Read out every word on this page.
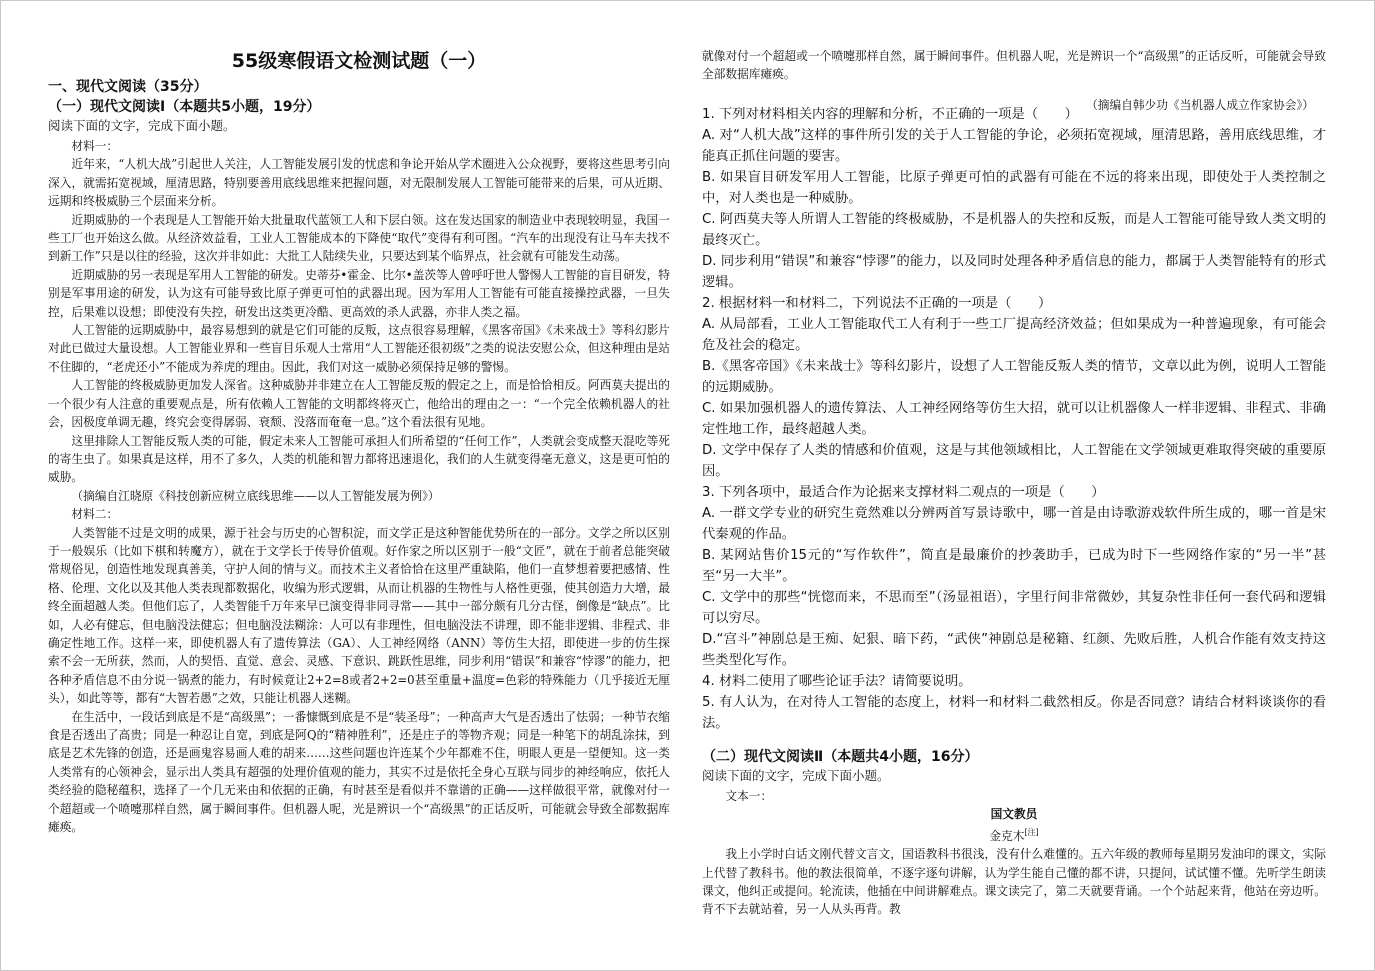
55级寒假语文检测试题（一）
一、现代文阅读（35分）
（一）现代文阅读Ⅰ（本题共5小题，19分）
阅读下面的文字，完成下面小题。

材料一：

近年来，“人机大战”引起世人关注，人工智能发展引发的忧虑和争论开始从学术圈进入公众视野，要将这些思考引向深入，就需拓宽视域，厘清思路，特别要善用底线思维来把握问题，对无限制发展人工智能可能带来的后果，可从近期、远期和终极威胁三个层面来分析。

近期威胁的一个表现是人工智能开始大批量取代蓝领工人和下层白领。这在发达国家的制造业中表现较明显，我国一些工厂也开始这么做。从经济效益看，工业人工智能成本的下降使“取代”变得有利可图。“汽车的出现没有让马车夫找不到新工作”只是以往的经验，这次并非如此：大批工人陆续失业，只要达到某个临界点，社会就有可能发生动荡。

近期威胁的另一表现是军用人工智能的研发。史蒂芬•霍金、比尔•盖茨等人曾呼吁世人警惕人工智能的盲目研发，特别是军事用途的研发，认为这有可能导致比原子弹更可怕的武器出现。因为军用人工智能有可能直接操控武器，一旦失控，后果难以设想；即使没有失控，研发出这类更冷酷、更高效的杀人武器，亦非人类之福。

人工智能的远期威胁中，最容易想到的就是它们可能的反叛，这点很容易理解，《黑客帝国》《未来战士》等科幻影片对此已做过大量设想。人工智能业界和一些盲目乐观人士常用“人工智能还很初级”之类的说法安慰公众，但这种理由是站不住脚的，“老虎还小”不能成为养虎的理由。因此，我们对这一威胁必须保持足够的警惕。

人工智能的终极威胁更加发人深省。这种威胁并非建立在人工智能反叛的假定之上，而是恰恰相反。阿西莫夫提出的一个很少有人注意的重要观点是，所有依赖人工智能的文明都终将灭亡，他给出的理由之一：“一个完全依赖机器人的社会，因极度单调无趣，终究会变得孱弱、衰颓、没落而奄奄一息。”这个看法很有见地。

这里排除人工智能反叛人类的可能，假定未来人工智能可承担人们所希望的“任何工作”，人类就会变成整天混吃等死的寄生虫了。如果真是这样，用不了多久，人类的机能和智力都将迅速退化，我们的人生就变得毫无意义，这是更可怕的威胁。

（摘编自江晓原《科技创新应树立底线思维——以人工智能发展为例》）

材料二：

人类智能不过是文明的成果，源于社会与历史的心智积淀，而文学正是这种智能优势所在的一部分。文学之所以区别于一般娱乐（比如下棋和转魔方），就在于文学长于传导价值观。好作家之所以区别于一般“文匠”，就在于前者总能突破常规俗见，创造性地发现真善美，守护人间的情与义。而技术主义者恰恰在这里严重缺陷，他们一直梦想着要把感情、性格、伦理、文化以及其他人类表现都数据化，收编为形式逻辑，从而让机器的生物性与人格性更强，使其创造力大增，最终全面超越人类。但他们忘了，人类智能千万年来早已演变得非同寻常——其中一部分颇有几分古怪，倒像是“缺点”。比如，人必有健忘，但电脑没法健忘；但电脑没法糊涂：人可以有非理性，但电脑没法不讲理，即不能非逻辑、非程式、非确定性地工作。这样一来，即使机器人有了遗传算法（GA）、人工神经网络（ANN）等仿生大招，即使进一步的仿生探索不会一无所获，然而，人的契悟、直觉、意会、灵感、下意识、跳跃性思维，同步利用“错误”和兼容“悖谬”的能力，把各种矛盾信息不由分说一锅煮的能力，有时候竟让2+2=8或者2+2=0甚至重量+温度=色彩的特殊能力（几乎接近无厘头），如此等等，都有“大智若愚”之效，只能让机器人迷糊。

在生活中，一段话到底是不是“高级黑”；一番慷慨到底是不是“装圣母”；一种高声大气是否透出了怯弱；一种节衣缩食是否透出了高贵；同是一种忍让自宽，到底是阿Q的“精神胜利”，还是庄子的等物齐观；同是一种笔下的胡乱涂抹，到底是艺术先锋的创造，还是画鬼容易画人难的胡来……这些问题也许连某个少年都难不住，明眼人更是一望便知。这一类人类常有的心领神会，显示出人类具有超强的处理价值观的能力，其实不过是依托全身心互联与同步的神经响应，依托人类经验的隐秘蕴积，选择了一个几无来由和依据的正确，有时甚至是看似并不靠谱的正确——这样做很平常，就像对付一个超超或一个喷嚏那样自然，属于瞬间事件。但机器人呢，光是辨识一个“高级黑”的正话反听，可能就会导致全部数据库瘫痪。

就像对付一个超超或一个喷嚏那样自然，属于瞬间事件。但机器人呢，光是辨识一个“高级黑”的正话反听，可能就会导致全部数据库瘫痪。

（摘编自韩少功《当机器人成立作家协会》）

1. 下列对材料相关内容的理解和分析，不正确的一项是（　　）

A. 对“人机大战”这样的事件所引发的关于人工智能的争论，必须拓宽视域，厘清思路，善用底线思维，才能真正抓住问题的要害。

B. 如果盲目研发军用人工智能，比原子弹更可怕的武器有可能在不远的将来出现，即使处于人类控制之中，对人类也是一种威胁。

C. 阿西莫夫等人所谓人工智能的终极威胁，不是机器人的失控和反叛，而是人工智能可能导致人类文明的最终灭亡。

D. 同步利用“错误”和兼容“悖谬”的能力，以及同时处理各种矛盾信息的能力，都属于人类智能特有的形式逻辑。

2. 根据材料一和材料二，下列说法不正确的一项是（　　）

A. 从局部看，工业人工智能取代工人有利于一些工厂提高经济效益；但如果成为一种普遍现象，有可能会危及社会的稳定。

B.《黑客帝国》《未来战士》等科幻影片，设想了人工智能反叛人类的情节，文章以此为例，说明人工智能的远期威胁。

C. 如果加强机器人的遗传算法、人工神经网络等仿生大招，就可以让机器像人一样非逻辑、非程式、非确定性地工作，最终超越人类。

D. 文学中保存了人类的情感和价值观，这是与其他领域相比，人工智能在文学领域更难取得突破的重要原因。

3. 下列各项中，最适合作为论据来支撑材料二观点的一项是（　　）

A. 一群文学专业的研究生竟然难以分辨两首写景诗歌中，哪一首是由诗歌游戏软件所生成的，哪一首是宋代秦观的作品。

B. 某网站售价15元的“写作软件”，简直是最廉价的抄袭助手，已成为时下一些网络作家的“另一半”甚至“另一大半”。

C. 文学中的那些“恍惚而来，不思而至”（汤显祖语），字里行间非常微妙，其复杂性非任何一套代码和逻辑可以穷尽。

D.“宫斗”神剧总是王痴、妃狠、暗下药，“武侠”神剧总是秘籍、红颜、先败后胜，人机合作能有效支持这些类型化写作。

4. 材料二使用了哪些论证手法？请简要说明。

5. 有人认为，在对待人工智能的态度上，材料一和材料二截然相反。你是否同意？请结合材料谈谈你的看法。

（二）现代文阅读Ⅱ（本题共4小题，16分）
阅读下面的文字，完成下面小题。

文本一：

国文教员
金克木[注]

我上小学时白话文刚代替文言文，国语教科书很浅，没有什么难懂的。五六年级的教师每星期另发油印的课文，实际上代替了教科书。他的教法很简单，不逐字逐句讲解，认为学生能自己懂的都不讲，只提问，试试懂不懂。先听学生朗读课文，他纠正或提问。轮流读，他插在中间讲解难点。课文读完了，第二天就要背诵。一个个站起来背，他站在旁边听。背不下去就站着，另一人从头再背。教
